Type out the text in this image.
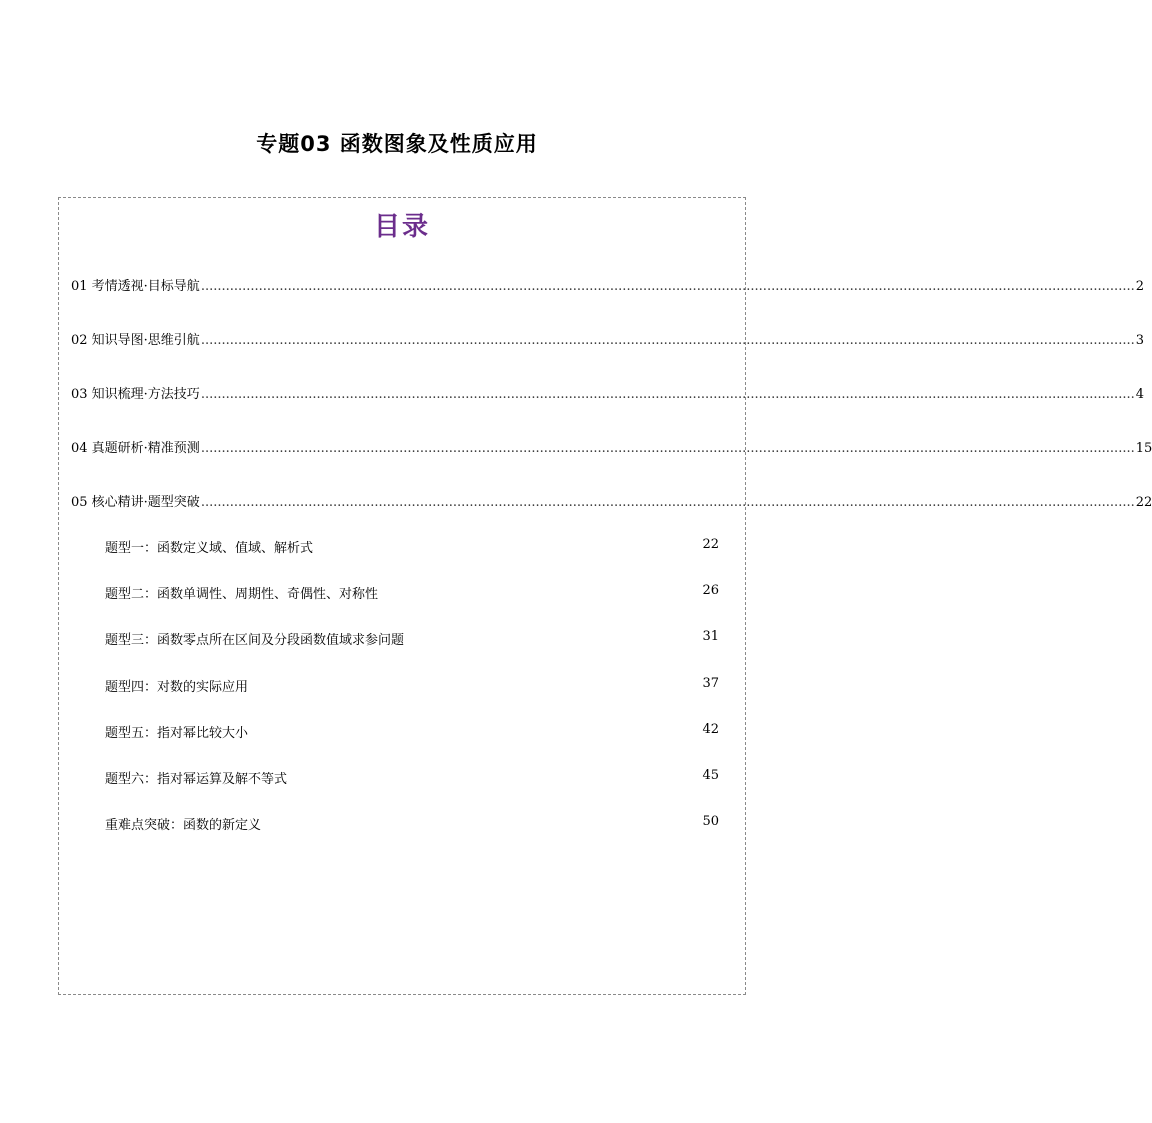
专题03 函数图象及性质应用
目录
01 考情透视·目标导航 .................................................................................................................................................................................................................................. 2
02 知识导图·思维引航 .................................................................................................................................................................................................................................. 3
03 知识梳理·方法技巧 .................................................................................................................................................................................................................................. 4
04 真题研析·精准预测 .................................................................................................................................................................................................................................. 15
05 核心精讲·题型突破 .................................................................................................................................................................................................................................. 22
题型一：函数定义域、值域、解析式	22
题型二：函数单调性、周期性、奇偶性、对称性	26
题型三：函数零点所在区间及分段函数值域求参问题	31
题型四：对数的实际应用	37
题型五：指对幂比较大小	42
题型六：指对幂运算及解不等式	45
重难点突破：函数的新定义	50
